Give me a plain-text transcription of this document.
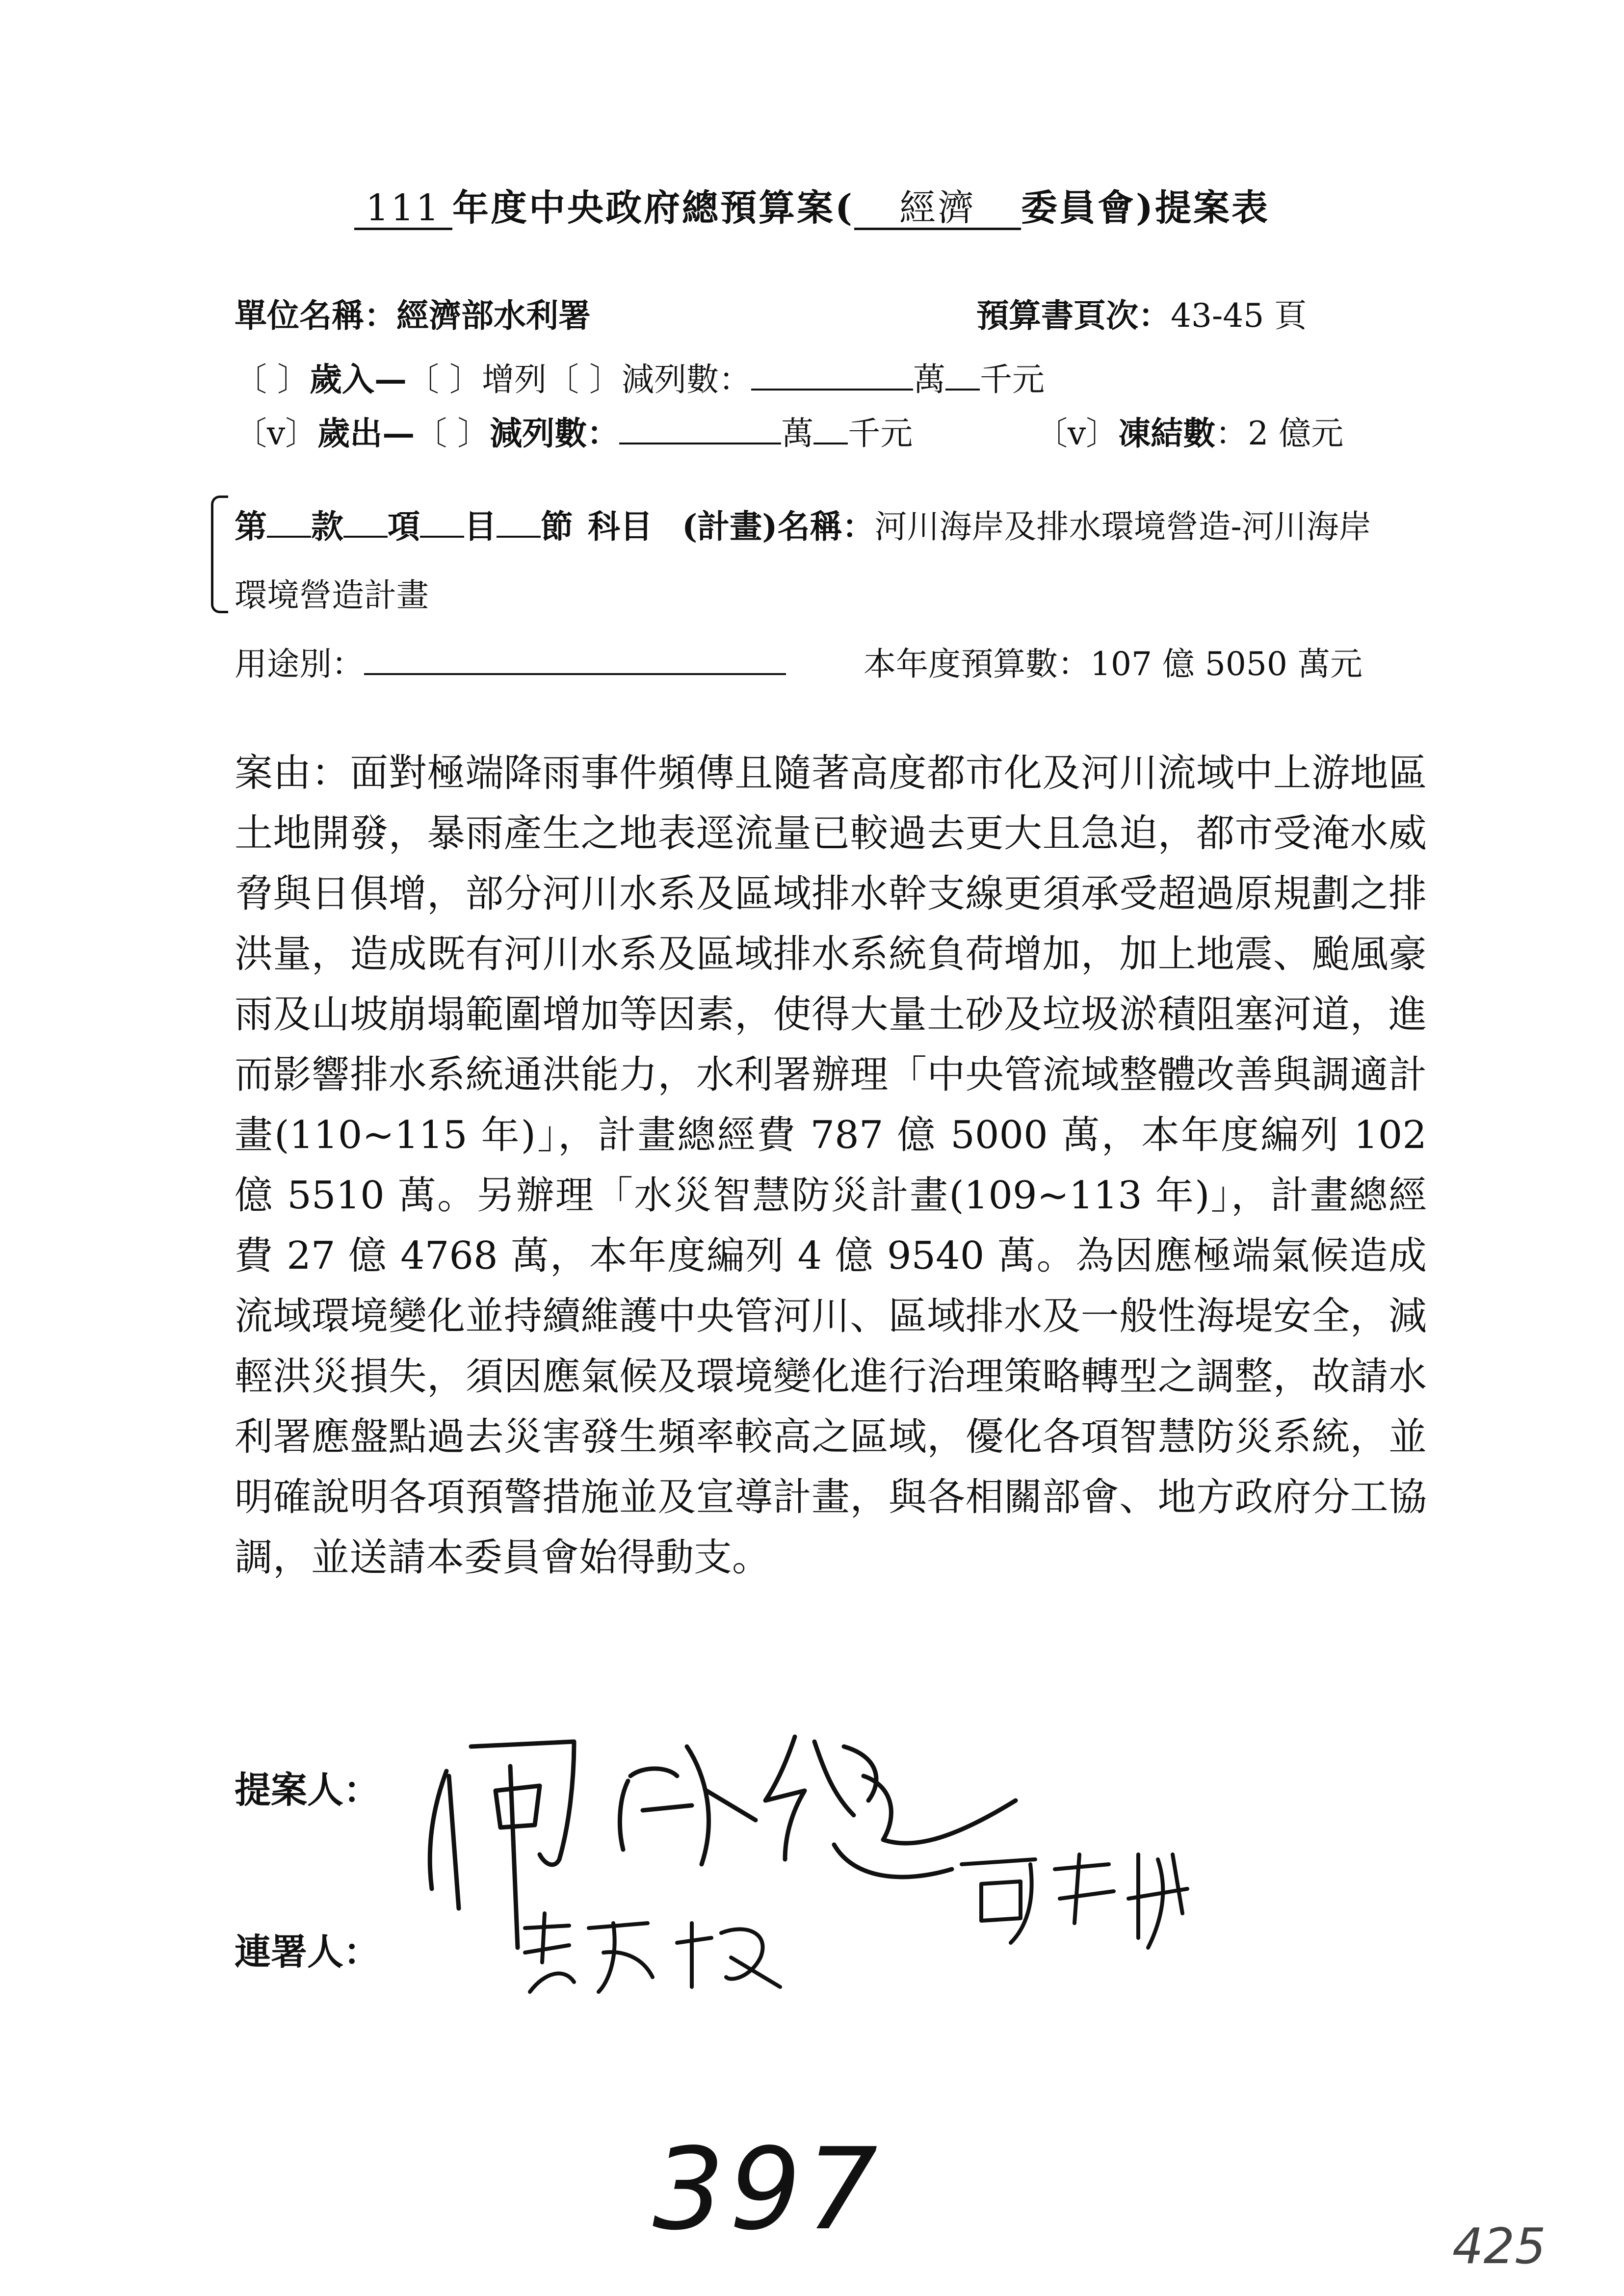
111 年度中央政府總預算案( 經濟 委員會)提案表
單位名稱：經濟部水利署	預算書頁次：43-45 頁
〔 〕歲入—〔 〕增列〔 〕減列數：	萬 千元
〔v〕歲出—〔 〕減列數：	萬 千元	〔v〕凍結數：2 億元
第 款 項 目 節 科目 (計畫)名稱：河川海岸及排水環境營造-河川海岸
環境營造計畫
用途別：	本年度預算數：107 億 5050 萬元
案由：面對極端降雨事件頻傳且隨著高度都市化及河川流域中上游地區土地開發，暴雨產生之地表逕流量已較過去更大且急迫，都市受淹水威脅與日俱增，部分河川水系及區域排水幹支線更須承受超過原規劃之排洪量，造成既有河川水系及區域排水系統負荷增加，加上地震、颱風豪雨及山坡崩塌範圍增加等因素，使得大量土砂及垃圾淤積阻塞河道，進而影響排水系統通洪能力，水利署辦理「中央管流域整體改善與調適計畫(110~115 年)」，計畫總經費 787 億 5000 萬，本年度編列 102 億 5510 萬。另辦理「水災智慧防災計畫(109~113 年)」，計畫總經費 27 億 4768 萬，本年度編列 4 億 9540 萬。為因應極端氣候造成流域環境變化並持續維護中央管河川、區域排水及一般性海堤安全，減輕洪災損失，須因應氣候及環境變化進行治理策略轉型之調整，故請水利署應盤點過去災害發生頻率較高之區域，優化各項智慧防災系統，並明確說明各項預警措施並及宣導計畫，與各相關部會、地方政府分工協調，並送請本委員會始得動支。
提案人：
連署人：
397	425
